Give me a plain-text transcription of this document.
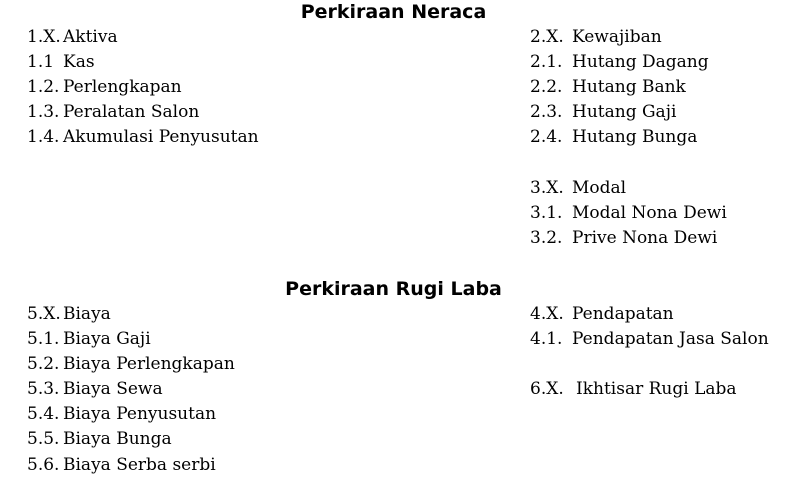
Perkiraan Neraca
1.X. Aktiva
1.1 Kas
1.2. Perlengkapan
1.3. Peralatan Salon
1.4. Akumulasi Penyusutan
2.X. Kewajiban
2.1. Hutang Dagang
2.2. Hutang Bank
2.3. Hutang Gaji
2.4. Hutang Bunga
3.X. Modal
3.1. Modal Nona Dewi
3.2. Prive Nona Dewi
Perkiraan Rugi Laba
5.X. Biaya
5.1. Biaya Gaji
5.2. Biaya Perlengkapan
5.3. Biaya Sewa
5.4. Biaya Penyusutan
5.5. Biaya Bunga
5.6. Biaya Serba serbi
4.X. Pendapatan
4.1. Pendapatan Jasa Salon
6.X. Ikhtisar Rugi Laba
